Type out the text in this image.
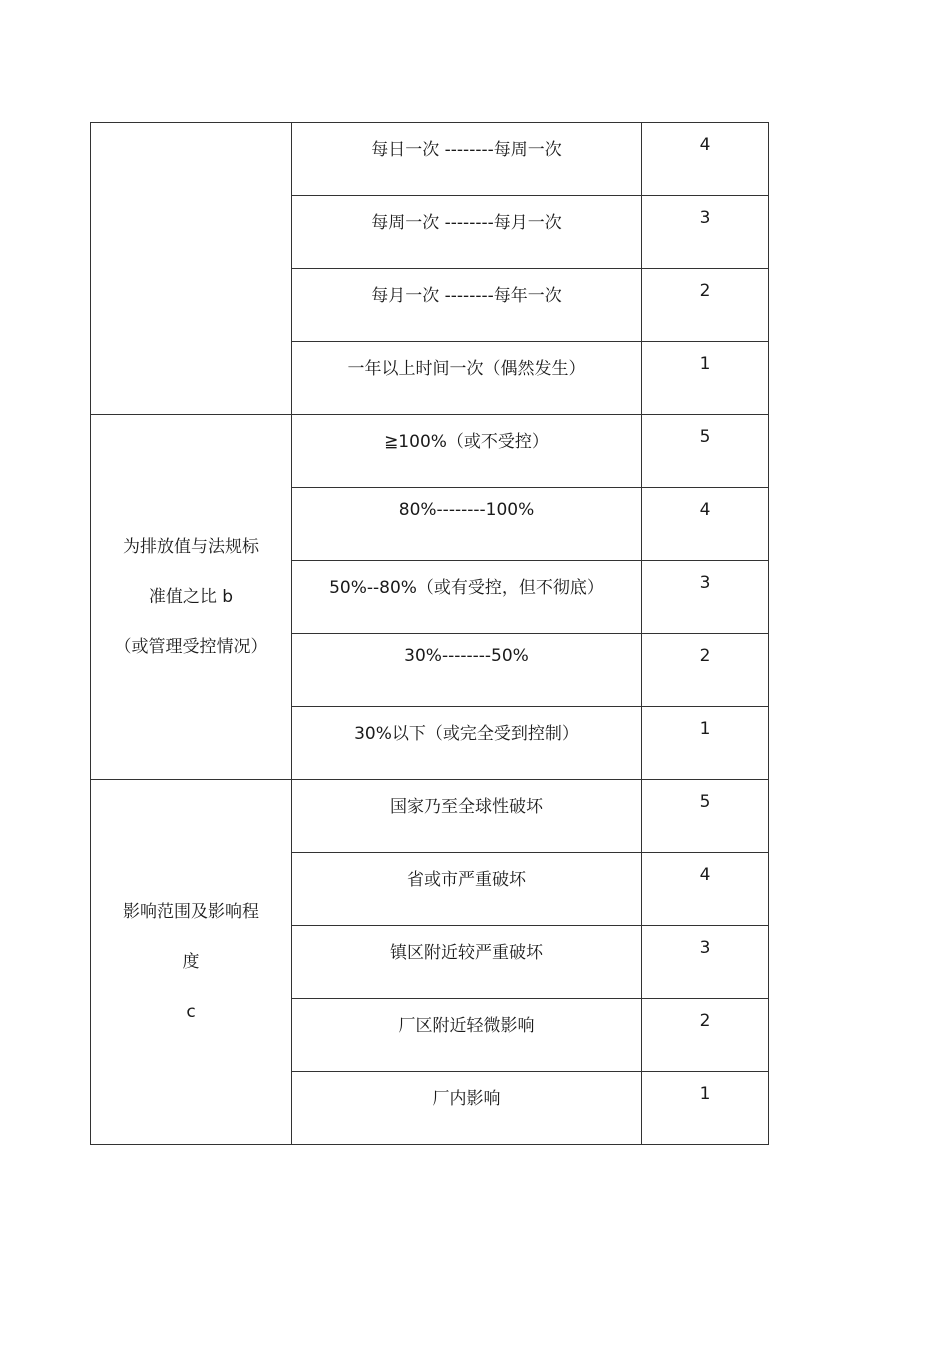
	每日一次 --------每周一次	4
	每周一次 --------每月一次	3
	每月一次 --------每年一次	2
	一年以上时间一次（偶然发生）	1

为排放值与法规标
准值之比 b
（或管理受控情况）	≧100%（或不受控）	5
	80%--------100%	4
	50%--80%（或有受控，但不彻底）	3
	30%--------50%	2
	30%以下（或完全受到控制）	1

影响范围及影响程
度
c	国家乃至全球性破坏	5
	省或市严重破坏	4
	镇区附近较严重破坏	3
	厂区附近轻微影响	2
	厂内影响	1
